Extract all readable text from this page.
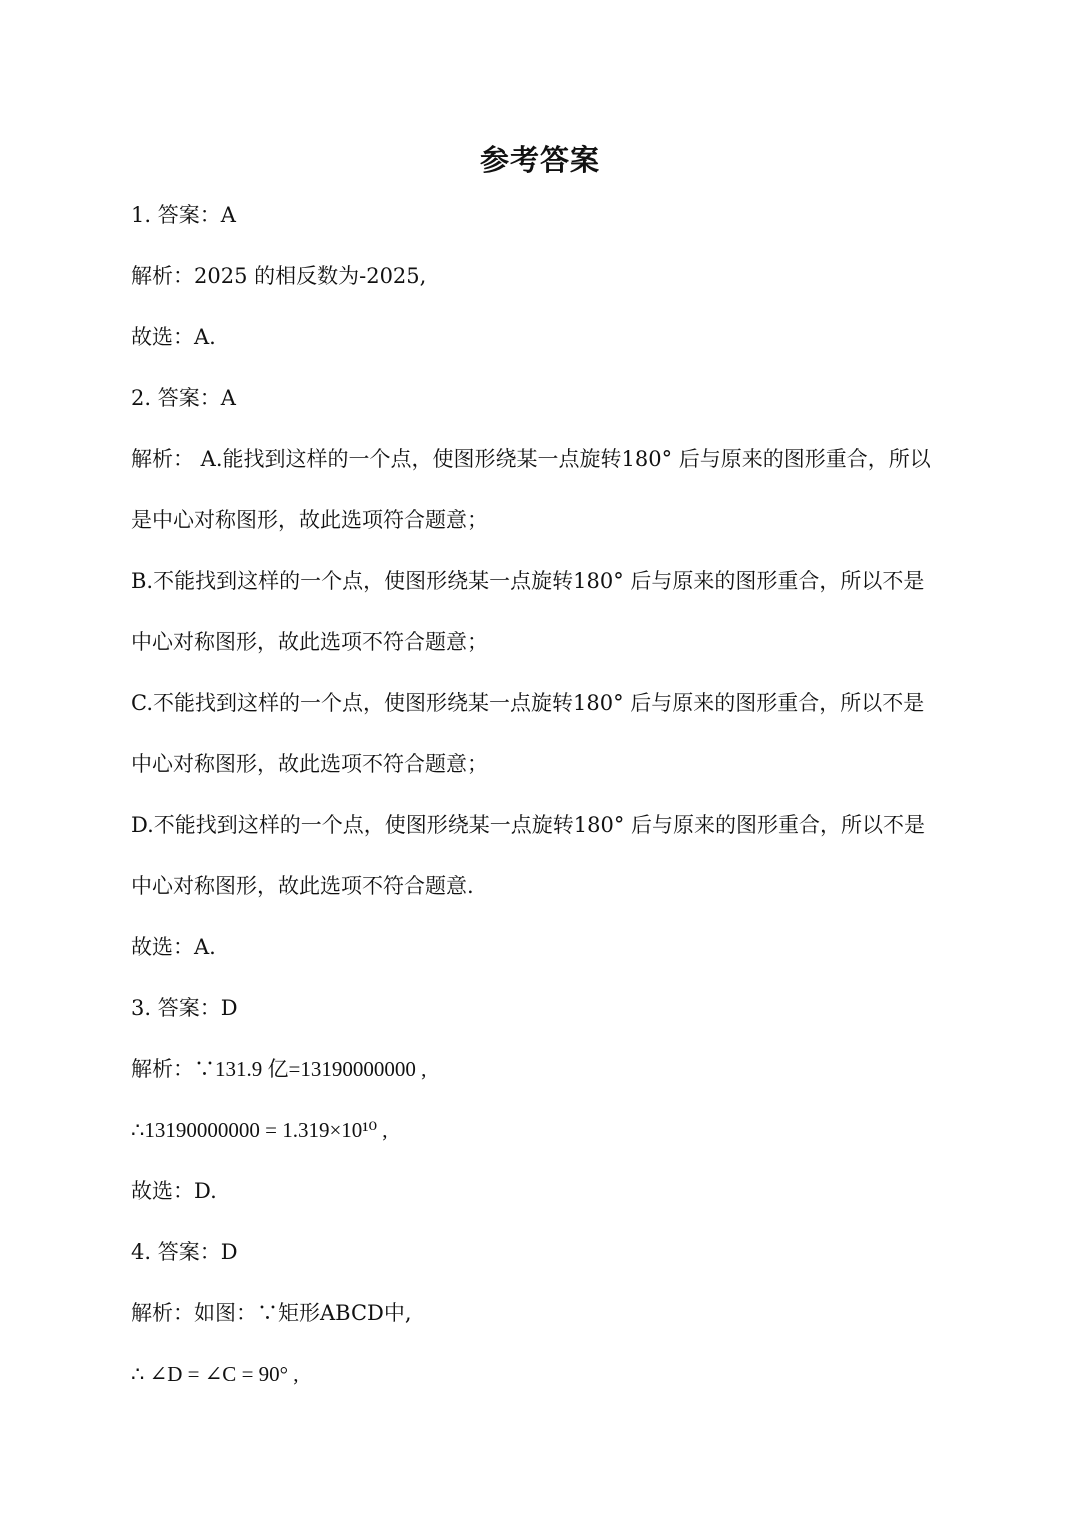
参考答案
1. 答案：A
解析：2025 的相反数为-2025,
故选：A.
2. 答案：A
解析： A.能找到这样的一个点，使图形绕某一点旋转180° 后与原来的图形重合，所以
是中心对称图形，故此选项符合题意；
B.不能找到这样的一个点，使图形绕某一点旋转180° 后与原来的图形重合，所以不是
中心对称图形，故此选项不符合题意；
C.不能找到这样的一个点，使图形绕某一点旋转180° 后与原来的图形重合，所以不是
中心对称图形，故此选项不符合题意；
D.不能找到这样的一个点，使图形绕某一点旋转180° 后与原来的图形重合，所以不是
中心对称图形，故此选项不符合题意.
故选：A.
3. 答案：D
解析：∵131.9 亿=13190000000 ,
∴13190000000 = 1.319×10¹⁰ ,
故选：D.
4. 答案：D
解析：如图：∵矩形ABCD中,
∴ ∠D = ∠C = 90° ,
